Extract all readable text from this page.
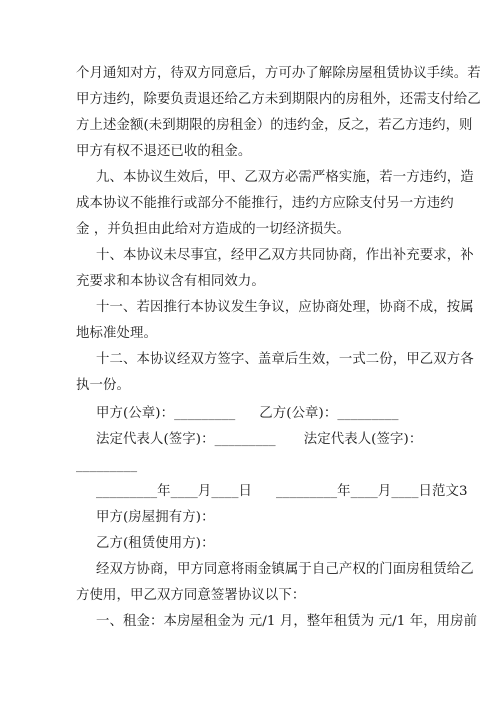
个月通知对方，待双方同意后，方可办了解除房屋租赁协议手续。若
甲方违约，除要负责退还给乙方未到期限内的房租外，还需支付给乙
方上述金额(未到期限的房租金）的违约金，反之，若乙方违约，则
甲方有权不退还已收的租金。
九、本协议生效后，甲、乙双方必需严格实施，若一方违约，造
成本协议不能推行或部分不能推行，违约方应除支付另一方违约
金 ，并负担由此给对方造成的一切经济损失。
十、本协议未尽事宜，经甲乙双方共同协商，作出补充要求，补
充要求和本协议含有相同效力。
十一、若因推行本协议发生争议，应协商处理，协商不成，按属
地标准处理。
十二、本协议经双方签字、盖章后生效，一式二份，甲乙双方各
执一份。
甲方(公章)：_________ 乙方(公章)：_________
法定代表人(签字)：_________ 法定代表人(签字)：
_________
_________年____月____日 _________年____月____日范文3
甲方(房屋拥有方)：
乙方(租赁使用方)：
经双方协商，甲方同意将雨金镇属于自己产权的门面房租赁给乙
方使用，甲乙双方同意签署协议以下：
一、租金：本房屋租金为 元/1 月，整年租赁为 元/1 年，用房前
